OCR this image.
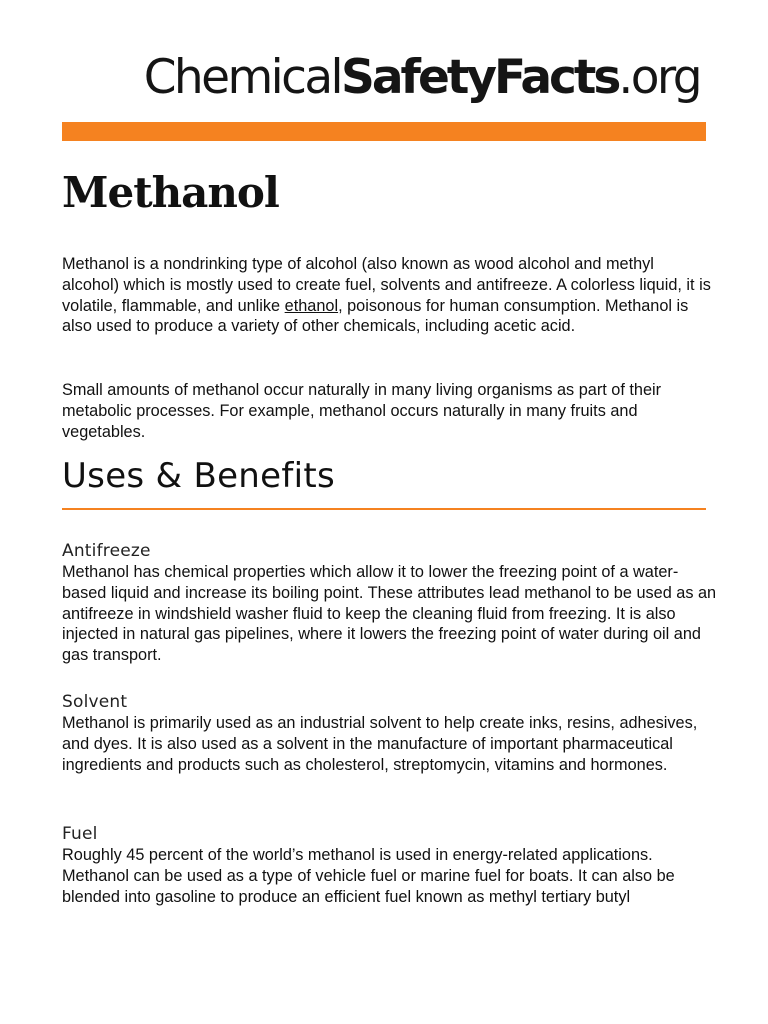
ChemicalSafetyFacts.org
Methanol

Methanol is a nondrinking type of alcohol (also known as wood alcohol and methyl alcohol) which is mostly used to create fuel, solvents and antifreeze. A colorless liquid, it is volatile, flammable, and unlike ethanol, poisonous for human consumption. Methanol is also used to produce a variety of other chemicals, including acetic acid.

Small amounts of methanol occur naturally in many living organisms as part of their metabolic processes. For example, methanol occurs naturally in many fruits and vegetables.

Uses & Benefits
Antifreeze

Methanol has chemical properties which allow it to lower the freezing point of a water-based liquid and increase its boiling point. These attributes lead methanol to be used as an antifreeze in windshield washer fluid to keep the cleaning fluid from freezing. It is also injected in natural gas pipelines, where it lowers the freezing point of water during oil and gas transport.

Solvent

Methanol is primarily used as an industrial solvent to help create inks, resins, adhesives, and dyes. It is also used as a solvent in the manufacture of important pharmaceutical ingredients and products such as cholesterol, streptomycin, vitamins and hormones.

Fuel

Roughly 45 percent of the world’s methanol is used in energy-related applications. Methanol can be used as a type of vehicle fuel or marine fuel for boats. It can also be blended into gasoline to produce an efficient fuel known as methyl tertiary butyl
